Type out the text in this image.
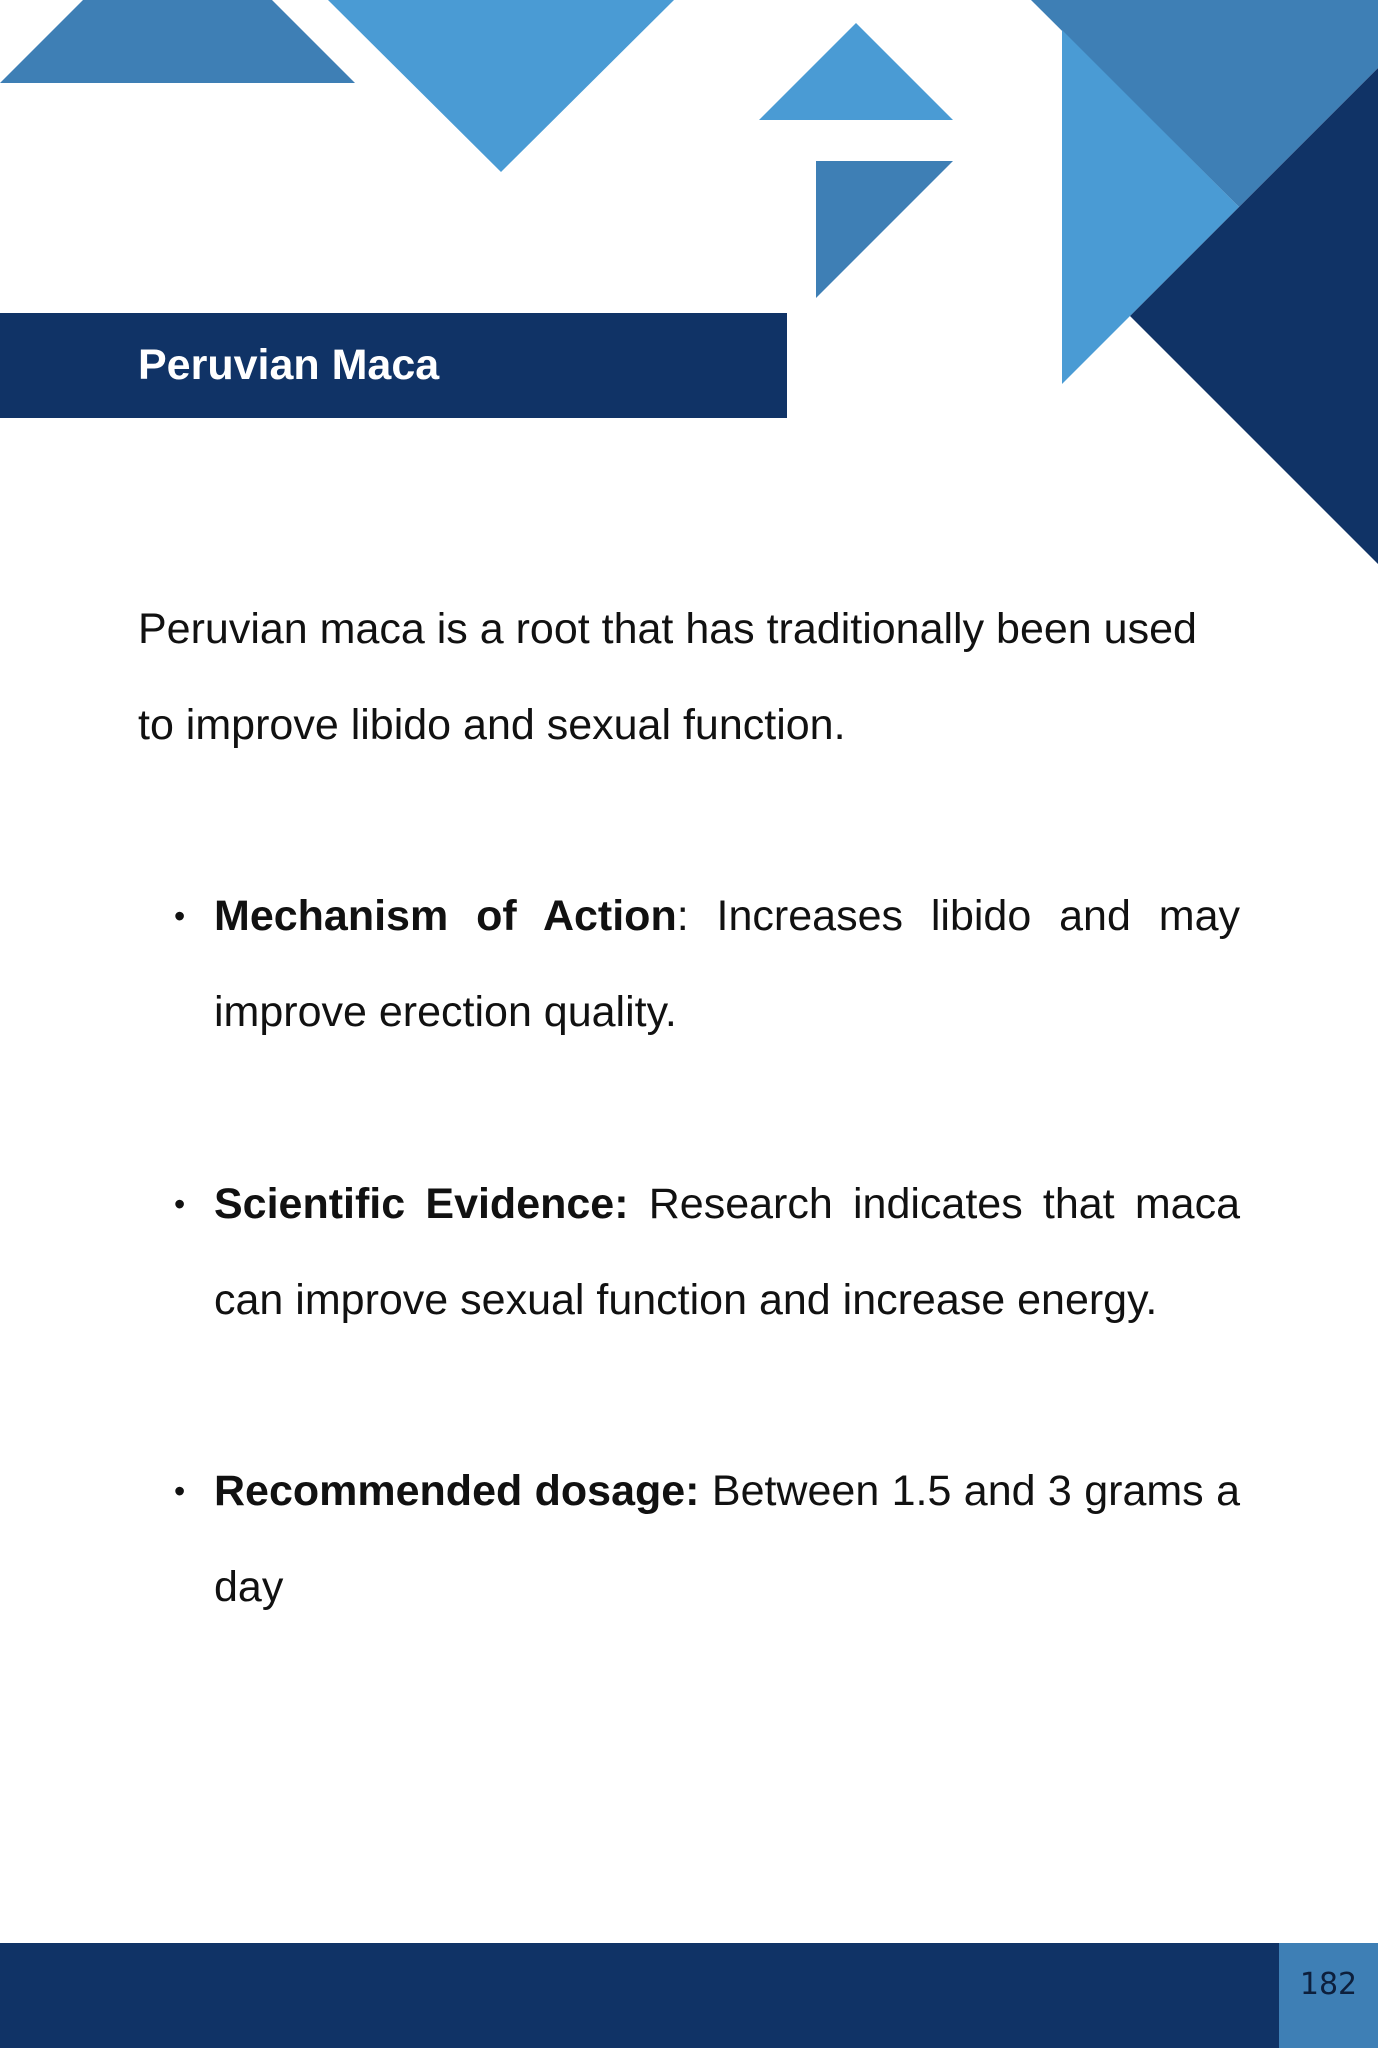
Peruvian Maca

Peruvian maca is a root that has traditionally been used to improve libido and sexual function.

• Mechanism of Action: Increases libido and may improve erection quality.
• Scientific Evidence: Research indicates that maca can improve sexual function and increase energy.
• Recommended dosage: Between 1.5 and 3 grams a day
182
